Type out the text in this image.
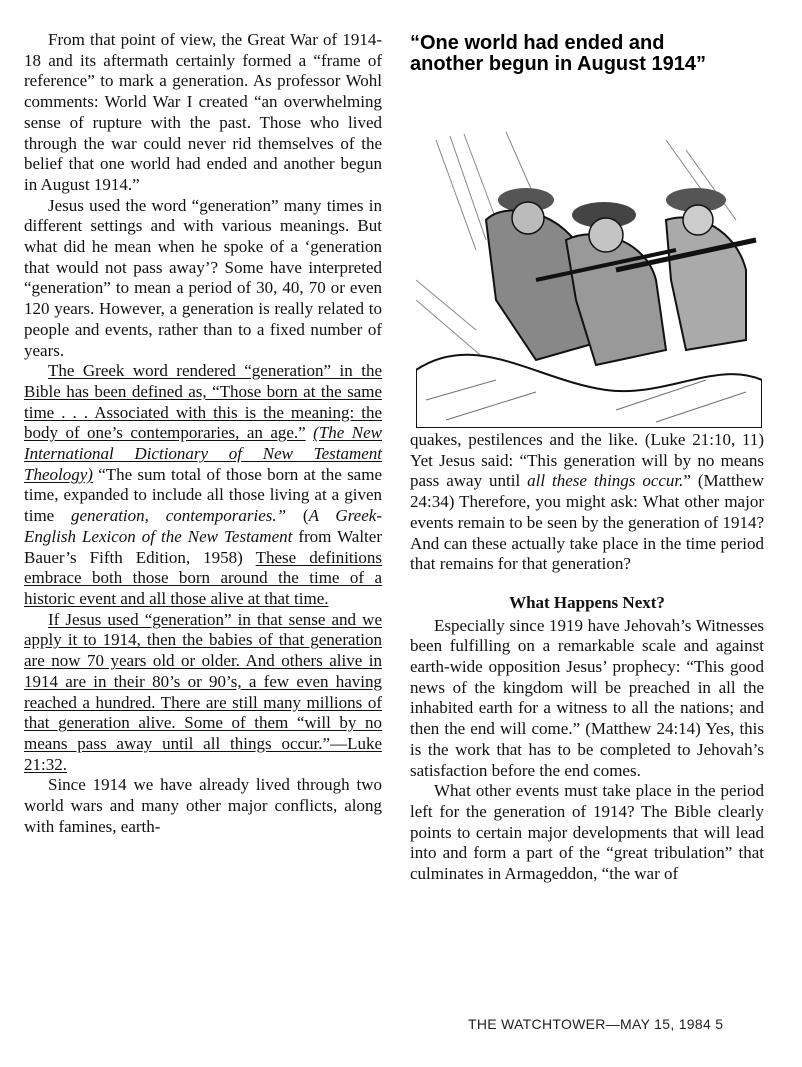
From that point of view, the Great War of 1914-18 and its aftermath certainly formed a “frame of reference” to mark a generation. As professor Wohl comments: World War I created “an overwhelming sense of rupture with the past. Those who lived through the war could never rid themselves of the belief that one world had ended and another begun in August 1914.”

Jesus used the word “generation” many times in different settings and with various meanings. But what did he mean when he spoke of a ‘generation that would not pass away’? Some have interpreted “generation” to mean a period of 30, 40, 70 or even 120 years. However, a generation is really related to people and events, rather than to a fixed number of years.

The Greek word rendered “generation” in the Bible has been defined as, “Those born at the same time . . . Associated with this is the meaning: the body of one’s contemporaries, an age.” (The New International Dictionary of New Testament Theology) “The sum total of those born at the same time, expanded to include all those living at a given time generation, contemporaries.” (A Greek-English Lexicon of the New Testament from Walter Bauer’s Fifth Edition, 1958) These definitions embrace both those born around the time of a historic event and all those alive at that time.

If Jesus used “generation” in that sense and we apply it to 1914, then the babies of that generation are now 70 years old or older. And others alive in 1914 are in their 80’s or 90’s, a few even having reached a hundred. There are still many millions of that generation alive. Some of them “will by no means pass away until all things occur.”—Luke 21:32.

Since 1914 we have already lived through two world wars and many other major conflicts, along with famines, earth-

“One world had ended and another begun in August 1914”

quakes, pestilences and the like. (Luke 21:10, 11) Yet Jesus said: “This generation will by no means pass away until all these things occur.” (Matthew 24:34) Therefore, you might ask: What other major events remain to be seen by the generation of 1914? And can these actually take place in the time period that remains for that generation?

What Happens Next?

Especially since 1919 have Jehovah’s Witnesses been fulfilling on a remarkable scale and against earth-wide opposition Jesus’ prophecy: “This good news of the kingdom will be preached in all the inhabited earth for a witness to all the nations; and then the end will come.” (Matthew 24:14) Yes, this is the work that has to be completed to Jehovah’s satisfaction before the end comes.

What other events must take place in the period left for the generation of 1914? The Bible clearly points to certain major developments that will lead into and form a part of the “great tribulation” that culminates in Armageddon, “the war of

THE WATCHTOWER—MAY 15, 1984 5
